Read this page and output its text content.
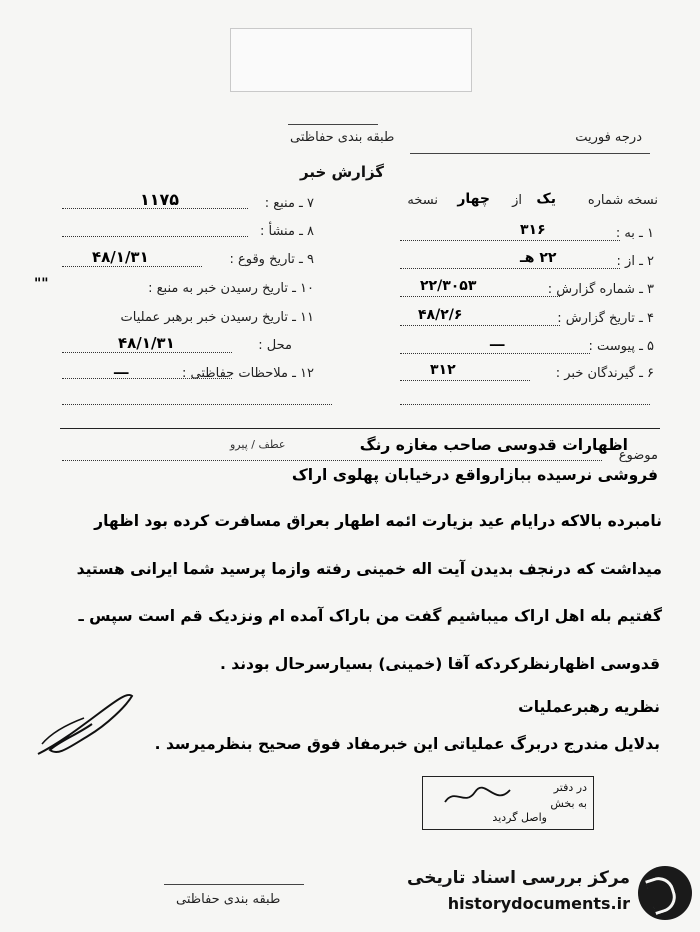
درجه فوریت
طبقه بندی حفاظتی
گزارش خبر
نسخه شماره
یک
از
چهار
نسخه
۱ ـ به :
۳۱۶
۲ ـ از :
۲۲ هـ
۳ ـ شماره گزارش :
۲۲/۳۰۵۳
۴ ـ تاریخ گزارش :
۴۸/۲/۶
۵ ـ پیوست :
ـــ
۶ ـ گیرندگان خبر :
۳۱۲
۷ ـ منبع :
۱۱۷۵
۸ ـ منشأ :
۹ ـ تاریخ وقوع :
۴۸/۱/۳۱
۱۰ ـ تاریخ رسیدن خبر به منبع :
""
۱۱ ـ تاریخ رسیدن خبر برهبر عملیات
محل :
۴۸/۱/۳۱
۱۲ ـ ملاحظات حفاظتی :
ـــ
موضوع
اظهارات قدوسی صاحب مغازه رنگ
عطف / پیرو
فروشی نرسیده ببازارواقع درخیابان پهلوی اراک
نامبرده بالاکه درایام عید بزیارت ائمه اطهار بعراق مسافرت کرده بود اظهار
میداشت که درنجف بدیدن آیت اله خمینی رفته وازما پرسید شما ایرانی هستید
گفتیم بله اهل اراک میباشیم گفت من باراک آمده ام ونزدیک قم است سپس ـ
قدوسی اظهارنظرکردکه آقا (خمینی) بسیارسرحال بودند .
نظریه رهبرعملیات
بدلایل مندرج دربرگ عملیاتی این خبرمفاد فوق صحیح بنظرمیرسد .
در دفتر
به بخش
واصل گردید
طبقه بندی حفاظتی
مرکز بررسی اسناد تاریخی
historydocuments.ir
